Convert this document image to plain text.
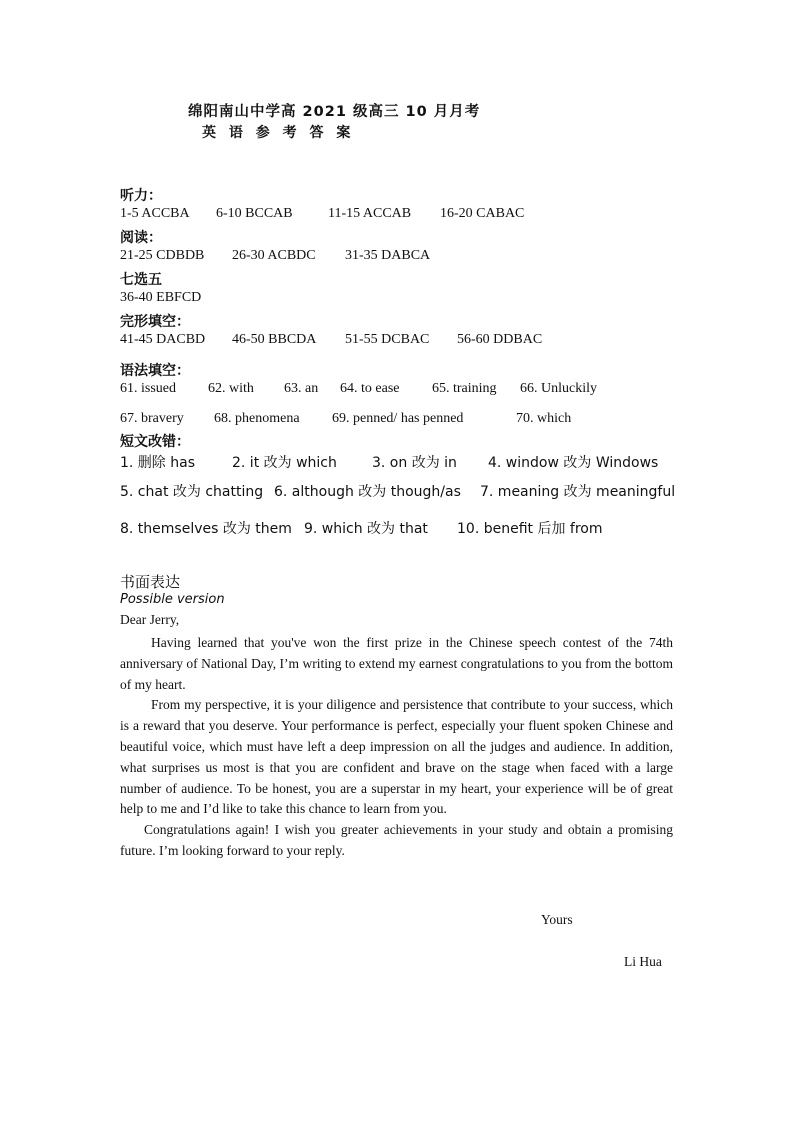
绵阳南山中学高 2021 级高三 10 月月考
英 语 参 考 答 案
听力：
1-5 ACCBA 6-10 BCCAB	11-15 ACCAB 16-20 CABAC
阅读：
21-25 CDBDB 26-30 ACBDC 31-35 DABCA
七选五
36-40 EBFCD
完形填空：
41-45 DACBD 46-50 BBCDA 51-55 DCBAC 56-60 DDBAC
语法填空：
61. issued 62. with 63. an 64. to ease 65. training 66. Unluckily
67. bravery 68. phenomena 69. penned/ has penned	70. which
短文改错：
1. 删除 has	2. it 改为 which	3. on 改为 in 4. window 改为 Windows
5. chat 改为 chatting 6. although 改为 though/as 7. meaning 改为 meaningful
8. themselves 改为 them 9. which 改为 that 10. benefit 后加 from
书面表达
Possible version
Dear Jerry,

Having learned that you've won the first prize in the Chinese speech contest of the 74th anniversary of National Day, I’m writing to extend my earnest congratulations to you from the bottom of my heart.

From my perspective, it is your diligence and persistence that contribute to your success, which is a reward that you deserve. Your performance is perfect, especially your fluent spoken Chinese and beautiful voice, which must have left a deep impression on all the judges and audience. In addition, what surprises us most is that you are confident and brave on the stage when faced with a large number of audience. To be honest, you are a superstar in my heart, your experience will be of great help to me and I’d like to take this chance to learn from you.

Congratulations again! I wish you greater achievements in your study and obtain a promising future. I’m looking forward to your reply.

Yours
Li Hua
